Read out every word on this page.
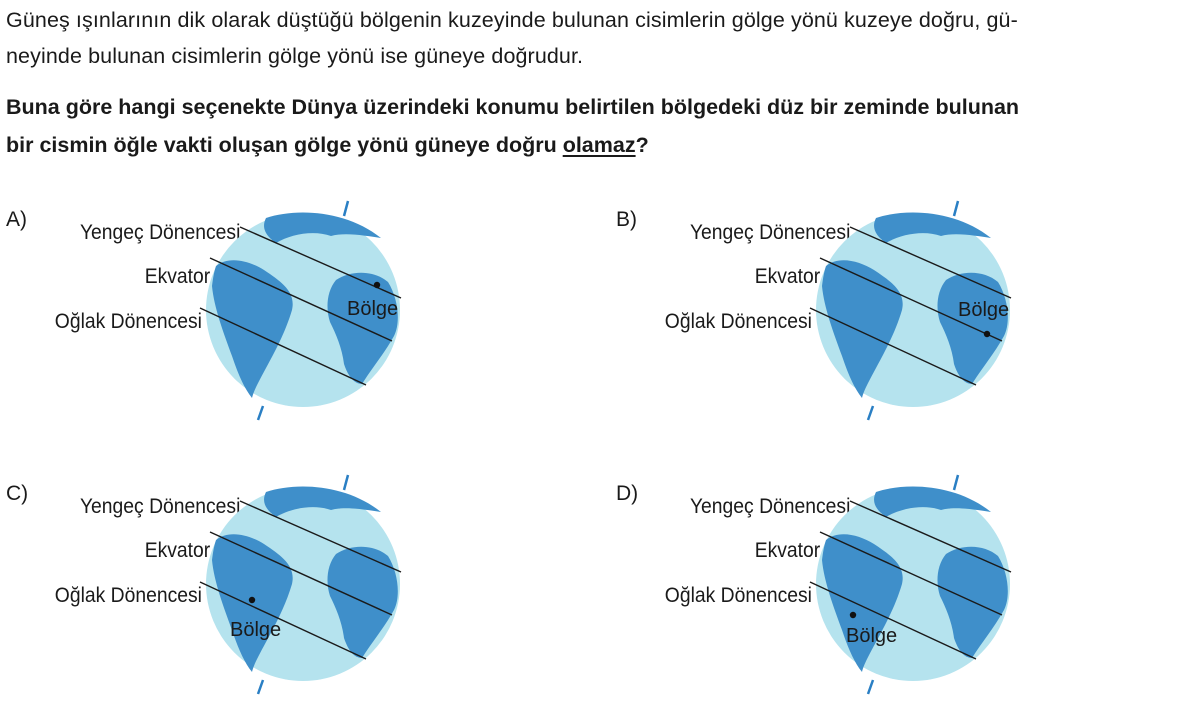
Güneş ışınlarının dik olarak düştüğü bölgenin kuzeyinde bulunan cisimlerin gölge yönü kuzeye doğru, gü-
neyinde bulunan cisimlerin gölge yönü ise güneye doğrudur.
Buna göre hangi seçenekte Dünya üzerindeki konumu belirtilen bölgedeki düz bir zeminde bulunan
bir cismin öğle vakti oluşan gölge yönü güneye doğru olamaz?
A)
Yengeç Dönencesi
Ekvator
Oğlak Dönencesi
Bölge
B)
Yengeç Dönencesi
Ekvator
Oğlak Dönencesi	Bölge
C)
Yengeç Dönencesi
Ekvator
Oğlak Dönencesi
Bölge
D)
Yengeç Dönencesi
Ekvator
Oğlak Dönencesi
Bölge
